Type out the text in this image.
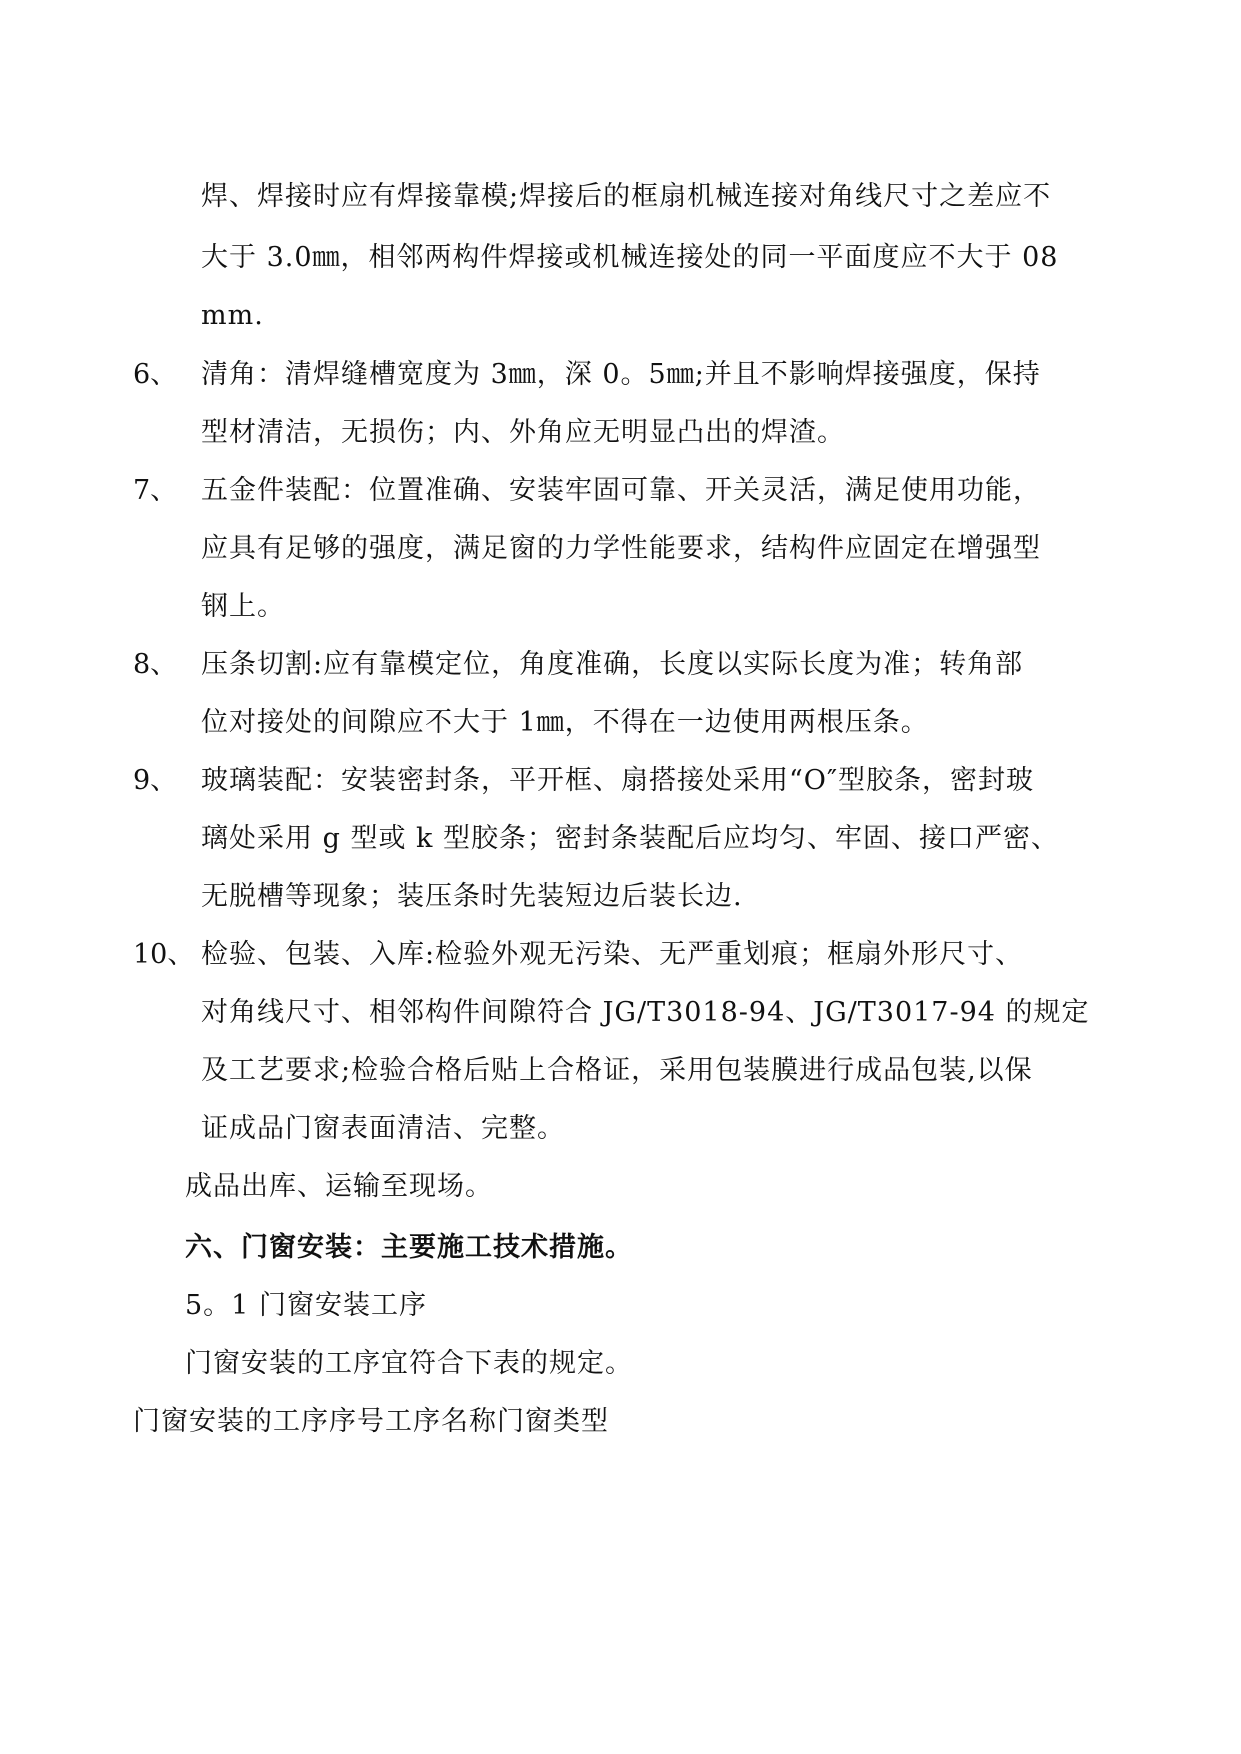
焊、焊接时应有焊接靠模;焊接后的框扇机械连接对角线尺寸之差应不
大于 3.0㎜，相邻两构件焊接或机械连接处的同一平面度应不大于 08
mm.
6、 清角：清焊缝槽宽度为 3㎜，深 0。5㎜;并且不影响焊接强度，保持
型材清洁，无损伤；内、外角应无明显凸出的焊渣。
7、 五金件装配：位置准确、安装牢固可靠、开关灵活，满足使用功能，
应具有足够的强度，满足窗的力学性能要求，结构件应固定在增强型
钢上。
8、 压条切割:应有靠模定位，角度准确，长度以实际长度为准；转角部
位对接处的间隙应不大于 1㎜，不得在一边使用两根压条。
9、 玻璃装配：安装密封条，平开框、扇搭接处采用“O″型胶条，密封玻
璃处采用 g 型或 k 型胶条；密封条装配后应均匀、牢固、接口严密、
无脱槽等现象；装压条时先装短边后装长边.
10、 检验、包装、入库:检验外观无污染、无严重划痕；框扇外形尺寸、
对角线尺寸、相邻构件间隙符合 JG/T3018-94、JG/T3017-94 的规定
及工艺要求;检验合格后贴上合格证，采用包装膜进行成品包装,以保
证成品门窗表面清洁、完整。
成品出库、运输至现场。
六、门窗安装：主要施工技术措施。
5。1 门窗安装工序
门窗安装的工序宜符合下表的规定。
门窗安装的工序序号工序名称门窗类型
